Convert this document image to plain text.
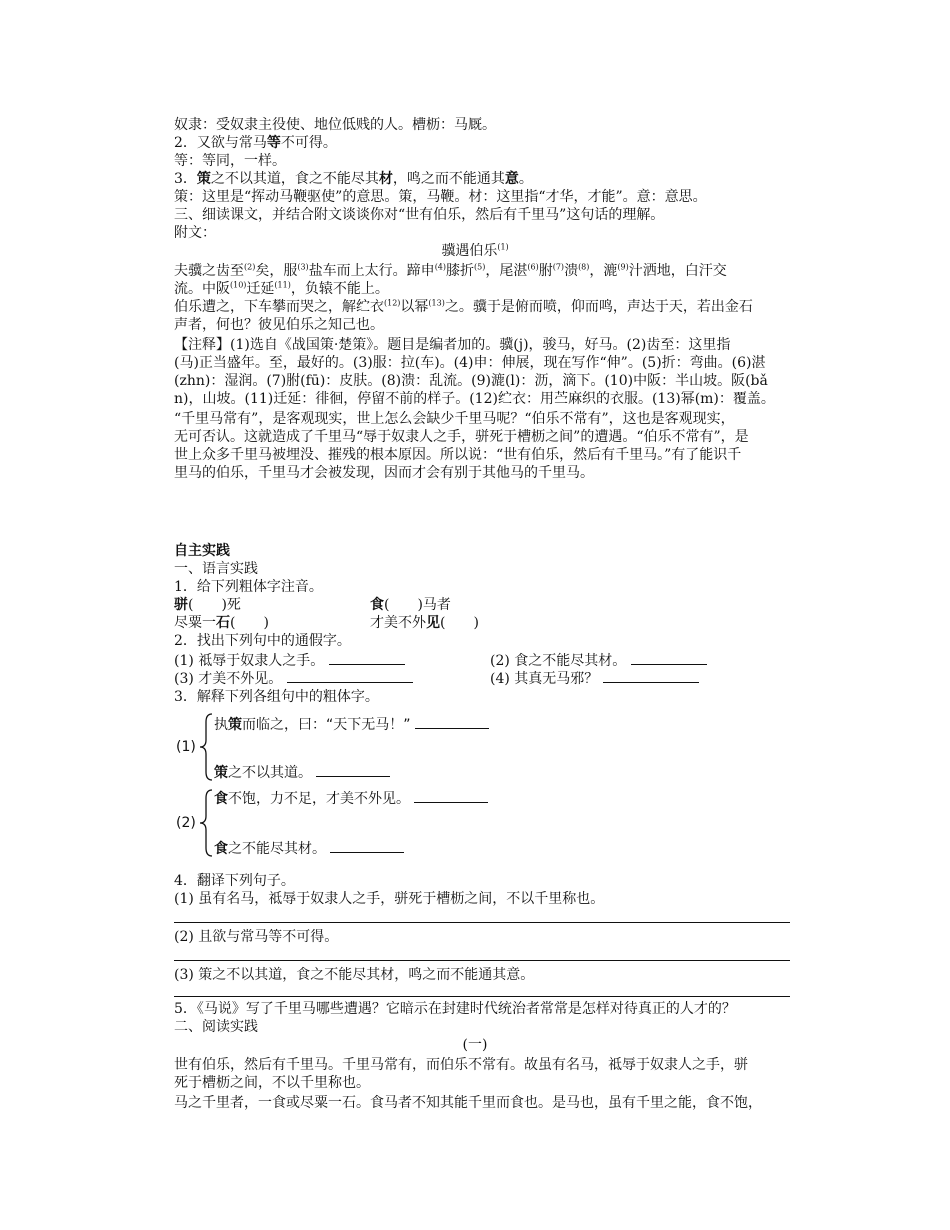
奴隶：受奴隶主役使、地位低贱的人。槽枥：马厩。
2．又欲与常马等不可得。
等：等同，一样。
3．策之不以其道，食之不能尽其材，鸣之而不能通其意。
策：这里是“挥动马鞭驱使”的意思。策，马鞭。材：这里指“才华，才能”。意：意思。
三、细读课文，并结合附文谈谈你对“世有伯乐，然后有千里马”这句话的理解。
附文：
骥遇伯乐$^{(1)}$
夫骥之齿至$^{(2)}$矣，服$^{(3)}$盐车而上太行。蹄申$^{(4)}$膝折$^{(5)}$，尾湛$^{(6)}$胕$^{(7)}$溃$^{(8)}$，漉$^{(9)}$汁洒地，白汗交
流。中阪$^{(10)}$迁延$^{(11)}$，负辕不能上。
伯乐遭之，下车攀而哭之，解纻衣$^{(12)}$以幂$^{(13)}$之。骥于是俯而喷，仰而鸣，声达于天，若出金石
声者，何也？彼见伯乐之知己也。
【注释】(1)选自《战国策·楚策》。题目是编者加的。骥(j)，骏马，好马。(2)齿至：这里指
(马)正当盛年。至，最好的。(3)服：拉(车)。(4)申：伸展，现在写作“伸”。(5)折：弯曲。(6)湛
(zhn)：湿润。(7)胕(fū)：皮肤。(8)溃：乱流。(9)漉(l)：沥，滴下。(10)中阪：半山坡。阪(bǎ
n)，山坡。(11)迁延：徘徊，停留不前的样子。(12)纻衣：用苎麻织的衣服。(13)幂(m)：覆盖。
“千里马常有”，是客观现实，世上怎么会缺少千里马呢？“伯乐不常有”，这也是客观现实，
无可否认。这就造成了千里马“辱于奴隶人之手，骈死于槽枥之间”的遭遇。“伯乐不常有”，是
世上众多千里马被埋没、摧残的根本原因。所以说：“世有伯乐，然后有千里马。”有了能识千
里马的伯乐，千里马才会被发现，因而才会有别于其他马的千里马。
自主实践
一、语言实践
1．给下列粗体字注音。
骈(　　)死	食(　　)马者
尽粟一石(　　)	才美不外见(　　)
2．找出下列句中的通假字。
(1) 祗辱于奴隶人之手。	(2) 食之不能尽其材。
(3) 才美不外见。	(4) 其真无马邪？
3．解释下列各组句中的粗体字。
(1)
执策而临之，曰：“天下无马！”
策之不以其道。
(2)
食不饱，力不足，才美不外见。
食之不能尽其材。
4．翻译下列句子。
(1) 虽有名马，祗辱于奴隶人之手，骈死于槽枥之间，不以千里称也。
(2) 且欲与常马等不可得。
(3) 策之不以其道，食之不能尽其材，鸣之而不能通其意。
5．《马说》写了千里马哪些遭遇？它暗示在封建时代统治者常常是怎样对待真正的人才的？
二、阅读实践
(一)
世有伯乐，然后有千里马。千里马常有，而伯乐不常有。故虽有名马，祗辱于奴隶人之手，骈
死于槽枥之间，不以千里称也。
马之千里者，一食或尽粟一石。食马者不知其能千里而食也。是马也，虽有千里之能，食不饱，
